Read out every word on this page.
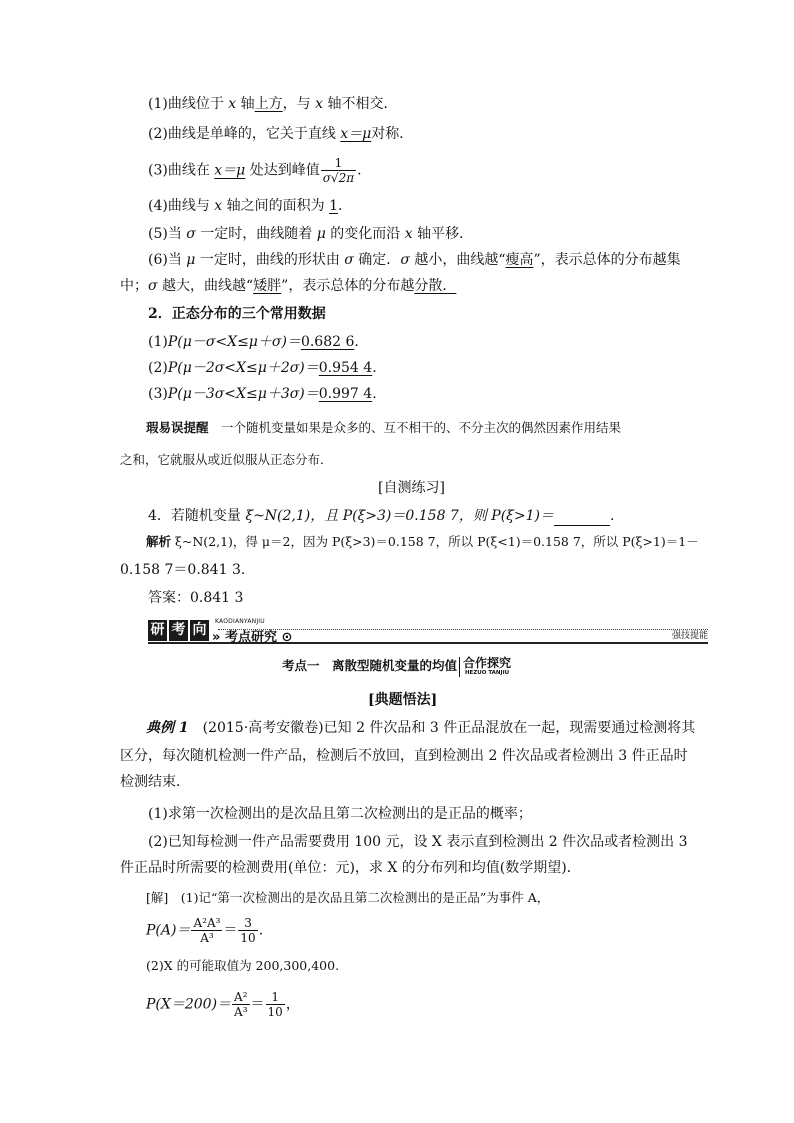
(1)曲线位于 x 轴上方，与 x 轴不相交．
(2)曲线是单峰的，它关于直线 x＝μ对称．
(3)曲线在 x＝μ 处达到峰值 $\frac{1}{\sigma√2\pi}$ .
(4)曲线与 x 轴之间的面积为 1.
(5)当 σ 一定时，曲线随着 μ 的变化而沿 x 轴平移．
(6)当 μ 一定时，曲线的形状由 σ 确定．σ 越小，曲线越“瘦高”，表示总体的分布越集
中；σ 越大，曲线越“矮胖”，表示总体的分布越分散．
2．正态分布的三个常用数据
(1)P(μ－σ<X≤μ＋σ)＝0.682 6.
(2)P(μ－2σ<X≤μ＋2σ)＝0.954 4.
(3)P(μ－3σ<X≤μ＋3σ)＝0.997 4.
瑕易误提醒　一个随机变量如果是众多的、互不相干的、不分主次的偶然因素作用结果
之和，它就服从或近似服从正态分布．
[自测练习]
4．若随机变量 ξ~N(2,1)，且 P(ξ>3)＝0.158 7，则 P(ξ>1)＝	.
解析 ξ~N(2,1)，得 μ＝2，因为 P(ξ>3)＝0.158 7，所以 P(ξ<1)＝0.158 7，所以 P(ξ>1)＝1－
0.158 7＝0.841 3.
答案：0.841 3
研 考 向
KAODIANYANJIU
» 考点研究 ⊙	强技提能
考点一　离散型随机变量的均值 合作探究
HEZUO TANJIU
[典题悟法]
典例 1　(2015·高考安徽卷)已知 2 件次品和 3 件正品混放在一起，现需要通过检测将其
区分，每次随机检测一件产品，检测后不放回，直到检测出 2 件次品或者检测出 3 件正品时
检测结束．
(1)求第一次检测出的是次品且第二次检测出的是正品的概率；
(2)已知每检测一件产品需要费用 100 元，设 X 表示直到检测出 2 件次品或者检测出 3
件正品时所需要的检测费用(单位：元)，求 X 的分布列和均值(数学期望)．
[解]　(1)记“第一次检测出的是次品且第二次检测出的是正品”为事件 A，
$P(A)= \frac{\text{A²A³}}{\text{A³}} = \frac{3}{10}$ .
(2)X 的可能取值为 200,300,400.
$P(X=200)= \frac{\text{A²}}{\text{A³}} = \frac{1}{10}$ ，
